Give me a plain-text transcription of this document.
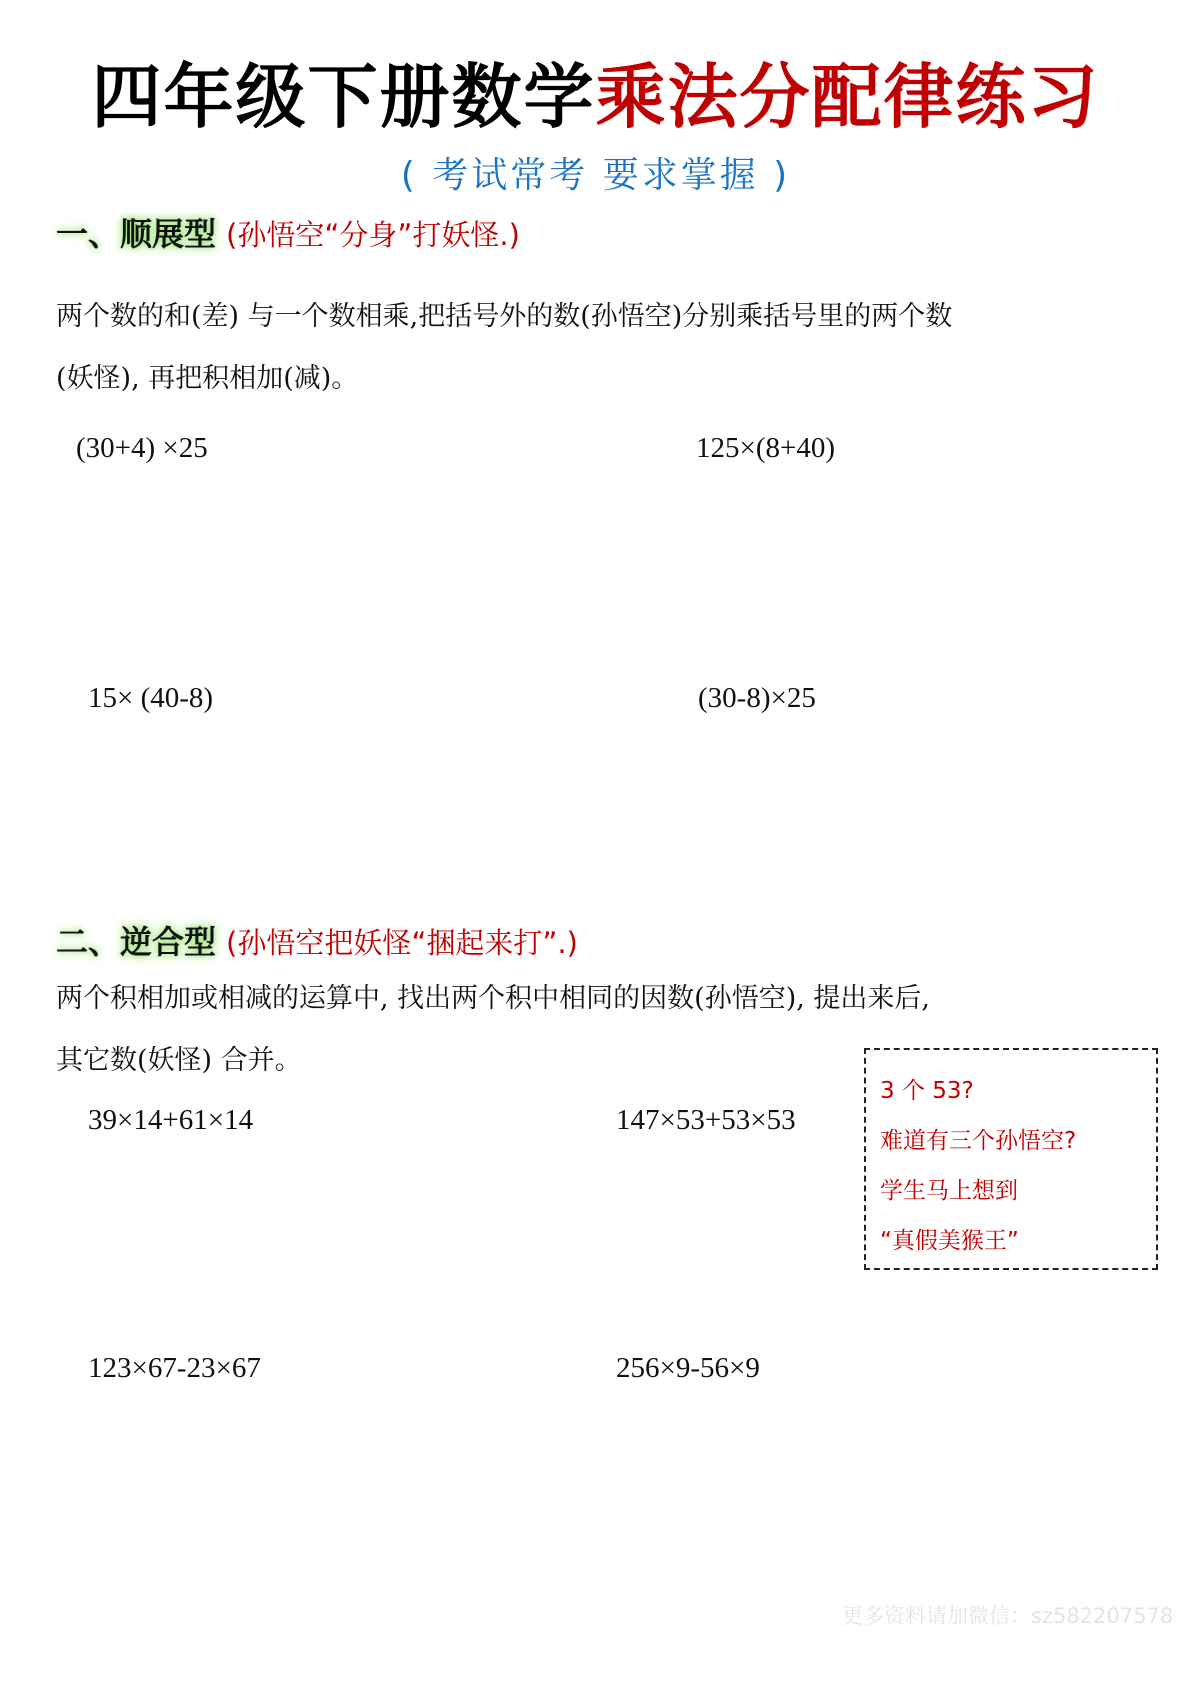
四年级下册数学乘法分配律练习
( 考试常考 要求掌握 )
一、顺展型 (孙悟空“分身”打妖怪.)
两个数的和(差) 与一个数相乘,把括号外的数(孙悟空)分别乘括号里的两个数
(妖怪), 再把积相加(减)。
(30+4) ×25	125×(8+40)
15× (40-8)	(30-8)×25
二、逆合型 (孙悟空把妖怪“捆起来打”.)
两个积相加或相减的运算中, 找出两个积中相同的因数(孙悟空), 提出来后,
其它数(妖怪) 合并。
39×14+61×14	147×53+53×53
123×67-23×67	256×9-56×9
3 个 53?
难道有三个孙悟空?
学生马上想到
“真假美猴王”
更多资料请加微信：sz582207578
